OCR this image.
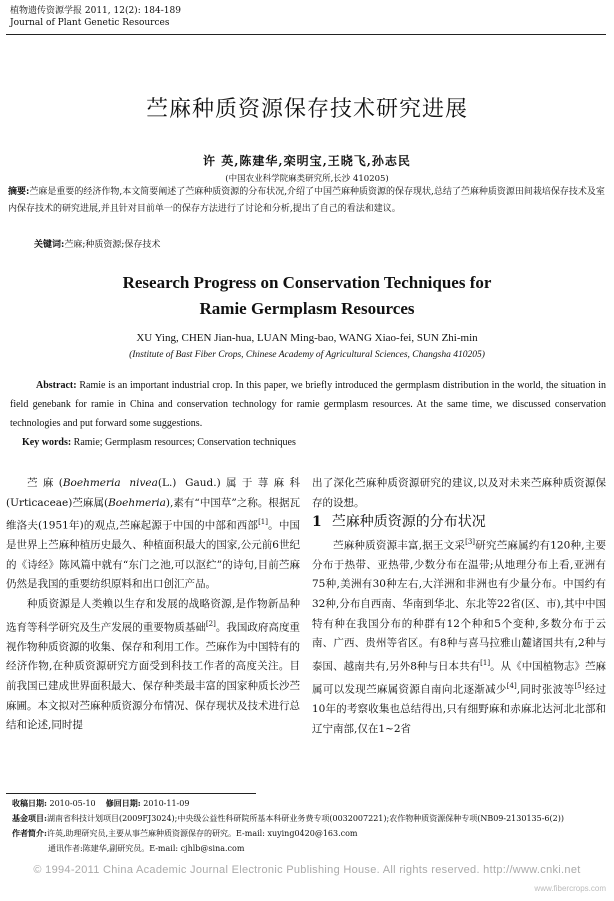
植物遗传资源学报 2011, 12(2): 184-189
Journal of Plant Genetic Resources
苎麻种质资源保存技术研究进展
许 英,陈建华,栾明宝,王晓飞,孙志民
(中国农业科学院麻类研究所,长沙 410205)
摘要:苎麻是重要的经济作物,本文简要阐述了苎麻种质资源的分布状况,介绍了中国苎麻种质资源的保存现状,总结了苎麻种质资源田间栽培保存技术及室内保存技术的研究进展,并且针对目前单一的保存方法进行了讨论和分析,提出了自己的看法和建议。
关键词:苎麻;种质资源;保存技术
Research Progress on Conservation Techniques for
Ramie Germplasm Resources
XU Ying, CHEN Jian-hua, LUAN Ming-bao, WANG Xiao-fei, SUN Zhi-min
(Institute of Bast Fiber Crops, Chinese Academy of Agricultural Sciences, Changsha 410205)
Abstract: Ramie is an important industrial crop. In this paper, we briefly introduced the germplasm distribution in the world, the situation in field genebank for ramie in China and conservation technology for ramie germplasm resources. At the same time, we discussed conservation technologies and put forward some suggestions.
Key words: Ramie; Germplasm resources; Conservation techniques

苎麻(Boehmeria nivea(L.) Gaud.)属于荨麻科(Urticaceae)苎麻属(Boehmeria),素有“中国草”之称。根据瓦维洛夫(1951年)的观点,苎麻起源于中国的中部和西部[1]。中国是世界上苎麻种植历史最久、种植面积最大的国家,公元前6世纪的《诗经》陈风篇中就有“东门之池,可以沤纻”的诗句,目前苎麻仍然是我国的重要纺织原料和出口创汇产品。

种质资源是人类赖以生存和发展的战略资源,是作物新品种选育等科学研究及生产发展的重要物质基础[2]。我国政府高度重视作物种质资源的收集、保存和利用工作。苎麻作为中国特有的经济作物,在种质资源研究方面受到科技工作者的高度关注。目前我国已建成世界面积最大、保存种类最丰富的国家种质长沙苎麻圃。本文拟对苎麻种质资源分布情况、保存现状及技术进行总结和论述,同时提

出了深化苎麻种质资源研究的建议,以及对未来苎麻种质资源保存的设想。

1 苎麻种质资源的分布状况

苎麻种质资源丰富,据王文采[3]研究苎麻属约有120种,主要分布于热带、亚热带,少数分布在温带;从地理分布上看,亚洲有75种,美洲有30种左右,大洋洲和非洲也有少量分布。中国约有32种,分布自西南、华南到华北、东北等22省(区、市),其中中国特有种在我国分布的种群有12个种和5个变种,多数分布于云南、广西、贵州等省区。有8种与喜马拉雅山麓诸国共有,2种与泰国、越南共有,另外8种与日本共有[1]。从《中国植物志》苎麻属可以发现苎麻属资源自南向北逐渐减少[4],同时张波等[5]经过10年的考察收集也总结得出,只有细野麻和赤麻北达河北北部和辽宁南部,仅在1~2省

收稿日期: 2010-05-10 修回日期: 2010-11-09
基金项目:湖南省科技计划项目(2009FJ3024);中央级公益性科研院所基本科研业务费专项(0032007221);农作物种质资源保种专项(NB09-2130135-6(2))
作者简介:许英,助理研究员,主要从事苎麻种质资源保存的研究。E-mail: xuying0420@163.com
通讯作者:陈建华,副研究员。E-mail: cjhlb@sina.com
© 1994-2011 China Academic Journal Electronic Publishing House. All rights reserved. http://www.cnki.net
www.fibercrops.com
